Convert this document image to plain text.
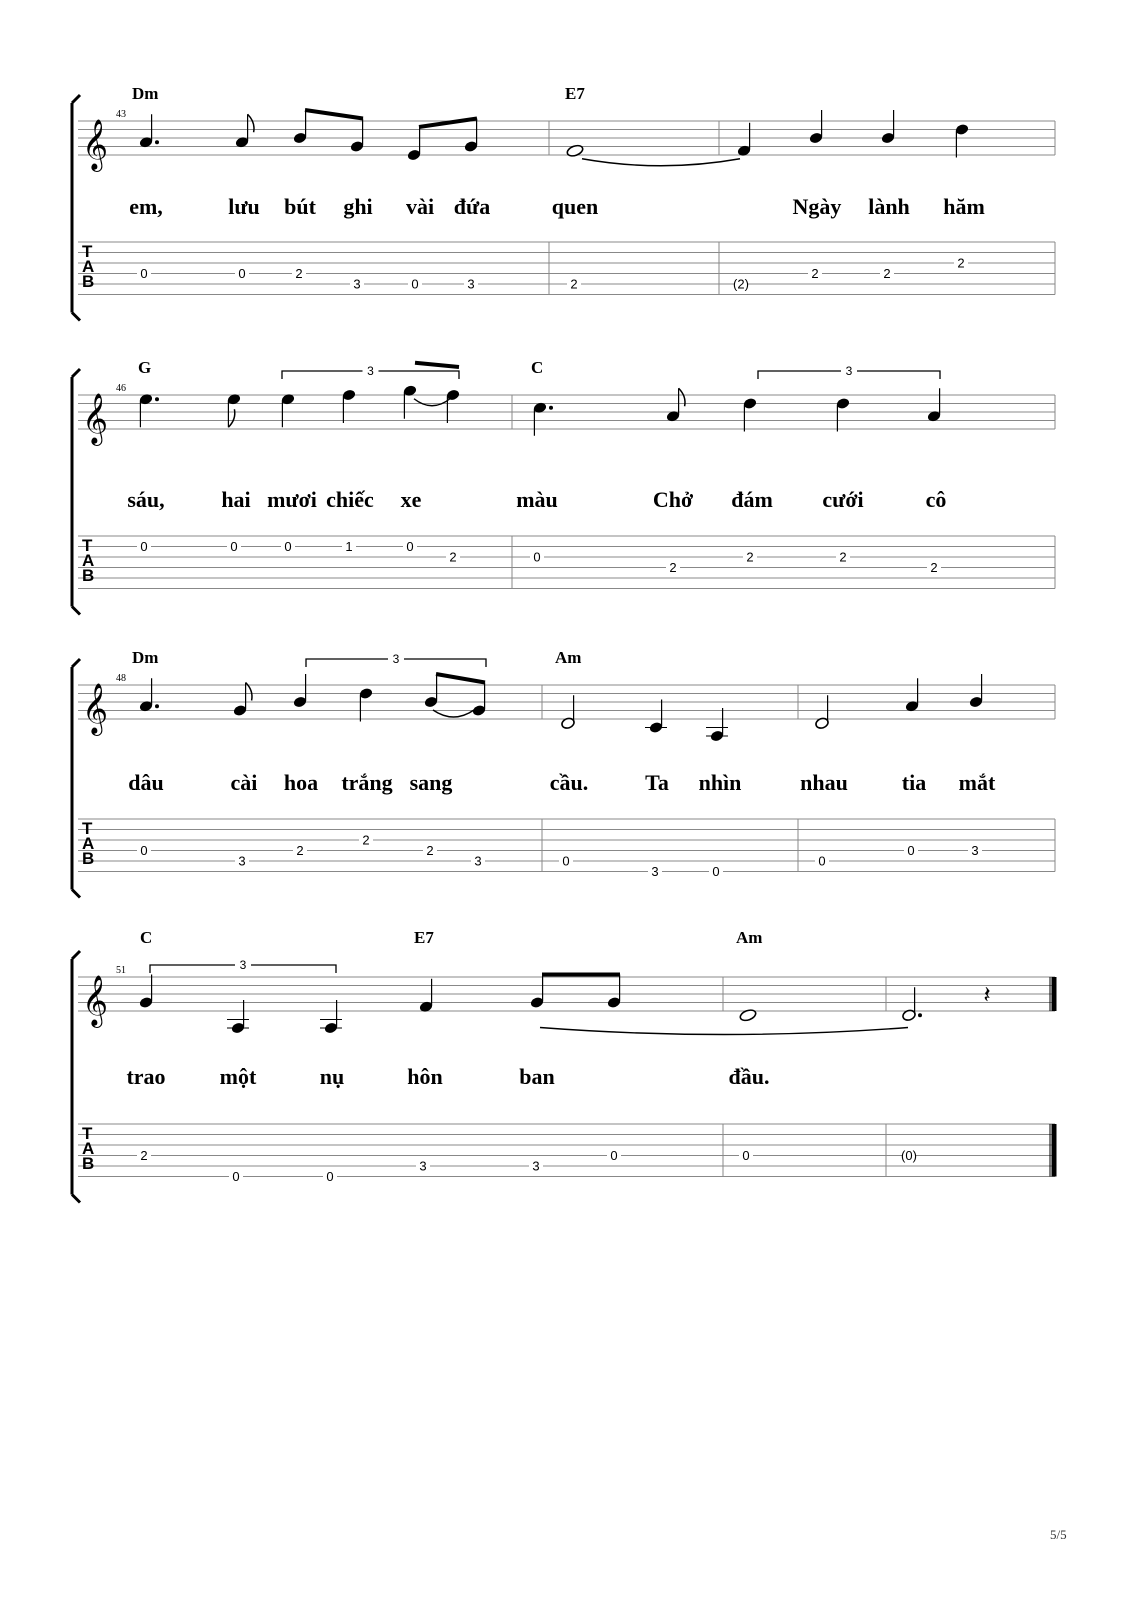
𝄞
T
A
B
43
Dm	E7
em,	lưu bút ghi vài đứa	quen	Ngày lành hăm
0	0	2
3	0	3	2	(2)
2	2
2
𝄞
T
A
B
46
G	C
sáu,	hai mươi chiếc xe	màu	Chở đám cưới	cô
3	3
0	0	0	1	0
2	0
2
2	2
2
𝄞
T
A
B
48
Dm	Am
dâu	cài hoa trắng sang	cầu.	Ta nhìn	nhau tia mắt
3
0
3
2
2
2
3	0
3	0
0
0	3
𝄞
T
A
B
51
C	E7	Am
trao một	nụ	hôn	ban	đầu.
𝄽
3
2
0	0
3	3
0	0	(0)
5/5
